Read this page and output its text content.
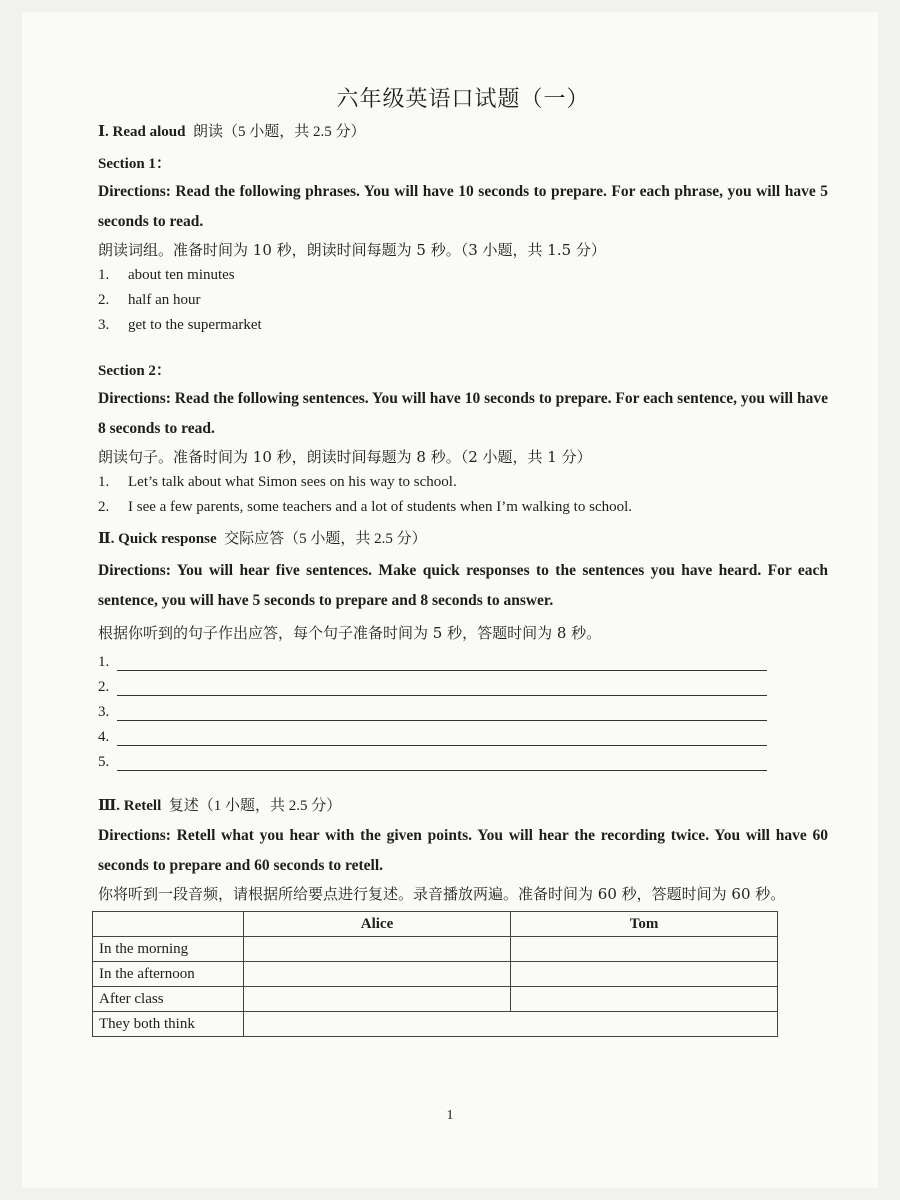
六年级英语口试题（一）
Ⅰ. Read aloud 朗读（5 小题，共 2.5 分）
Section 1：
Directions: Read the following phrases. You will have 10 seconds to prepare. For each phrase, you will have 5 seconds to read.
朗读词组。准备时间为 10 秒，朗读时间每题为 5 秒。（3 小题，共 1.5 分）
1.	about ten minutes
2.	half an hour
3.	get to the supermarket
Section 2：
Directions: Read the following sentences. You will have 10 seconds to prepare. For each sentence, you will have 8 seconds to read.
朗读句子。准备时间为 10 秒，朗读时间每题为 8 秒。（2 小题，共 1 分）
1.	Let’s talk about what Simon sees on his way to school.
2.	I see a few parents, some teachers and a lot of students when I’m walking to school.
Ⅱ. Quick response 交际应答（5 小题，共 2.5 分）
Directions: You will hear five sentences. Make quick responses to the sentences you have heard. For each sentence, you will have 5 seconds to prepare and 8 seconds to answer.
根据你听到的句子作出应答，每个句子准备时间为 5 秒，答题时间为 8 秒。
1.
2.
3.
4.
5.
Ⅲ. Retell 复述（1 小题，共 2.5 分）
Directions: Retell what you hear with the given points. You will hear the recording twice. You will have 60 seconds to prepare and 60 seconds to retell.
你将听到一段音频，请根据所给要点进行复述。录音播放两遍。准备时间为 60 秒，答题时间为 60 秒。
	Alice	Tom
In the morning		
In the afternoon		
After class		
They both think		
1
